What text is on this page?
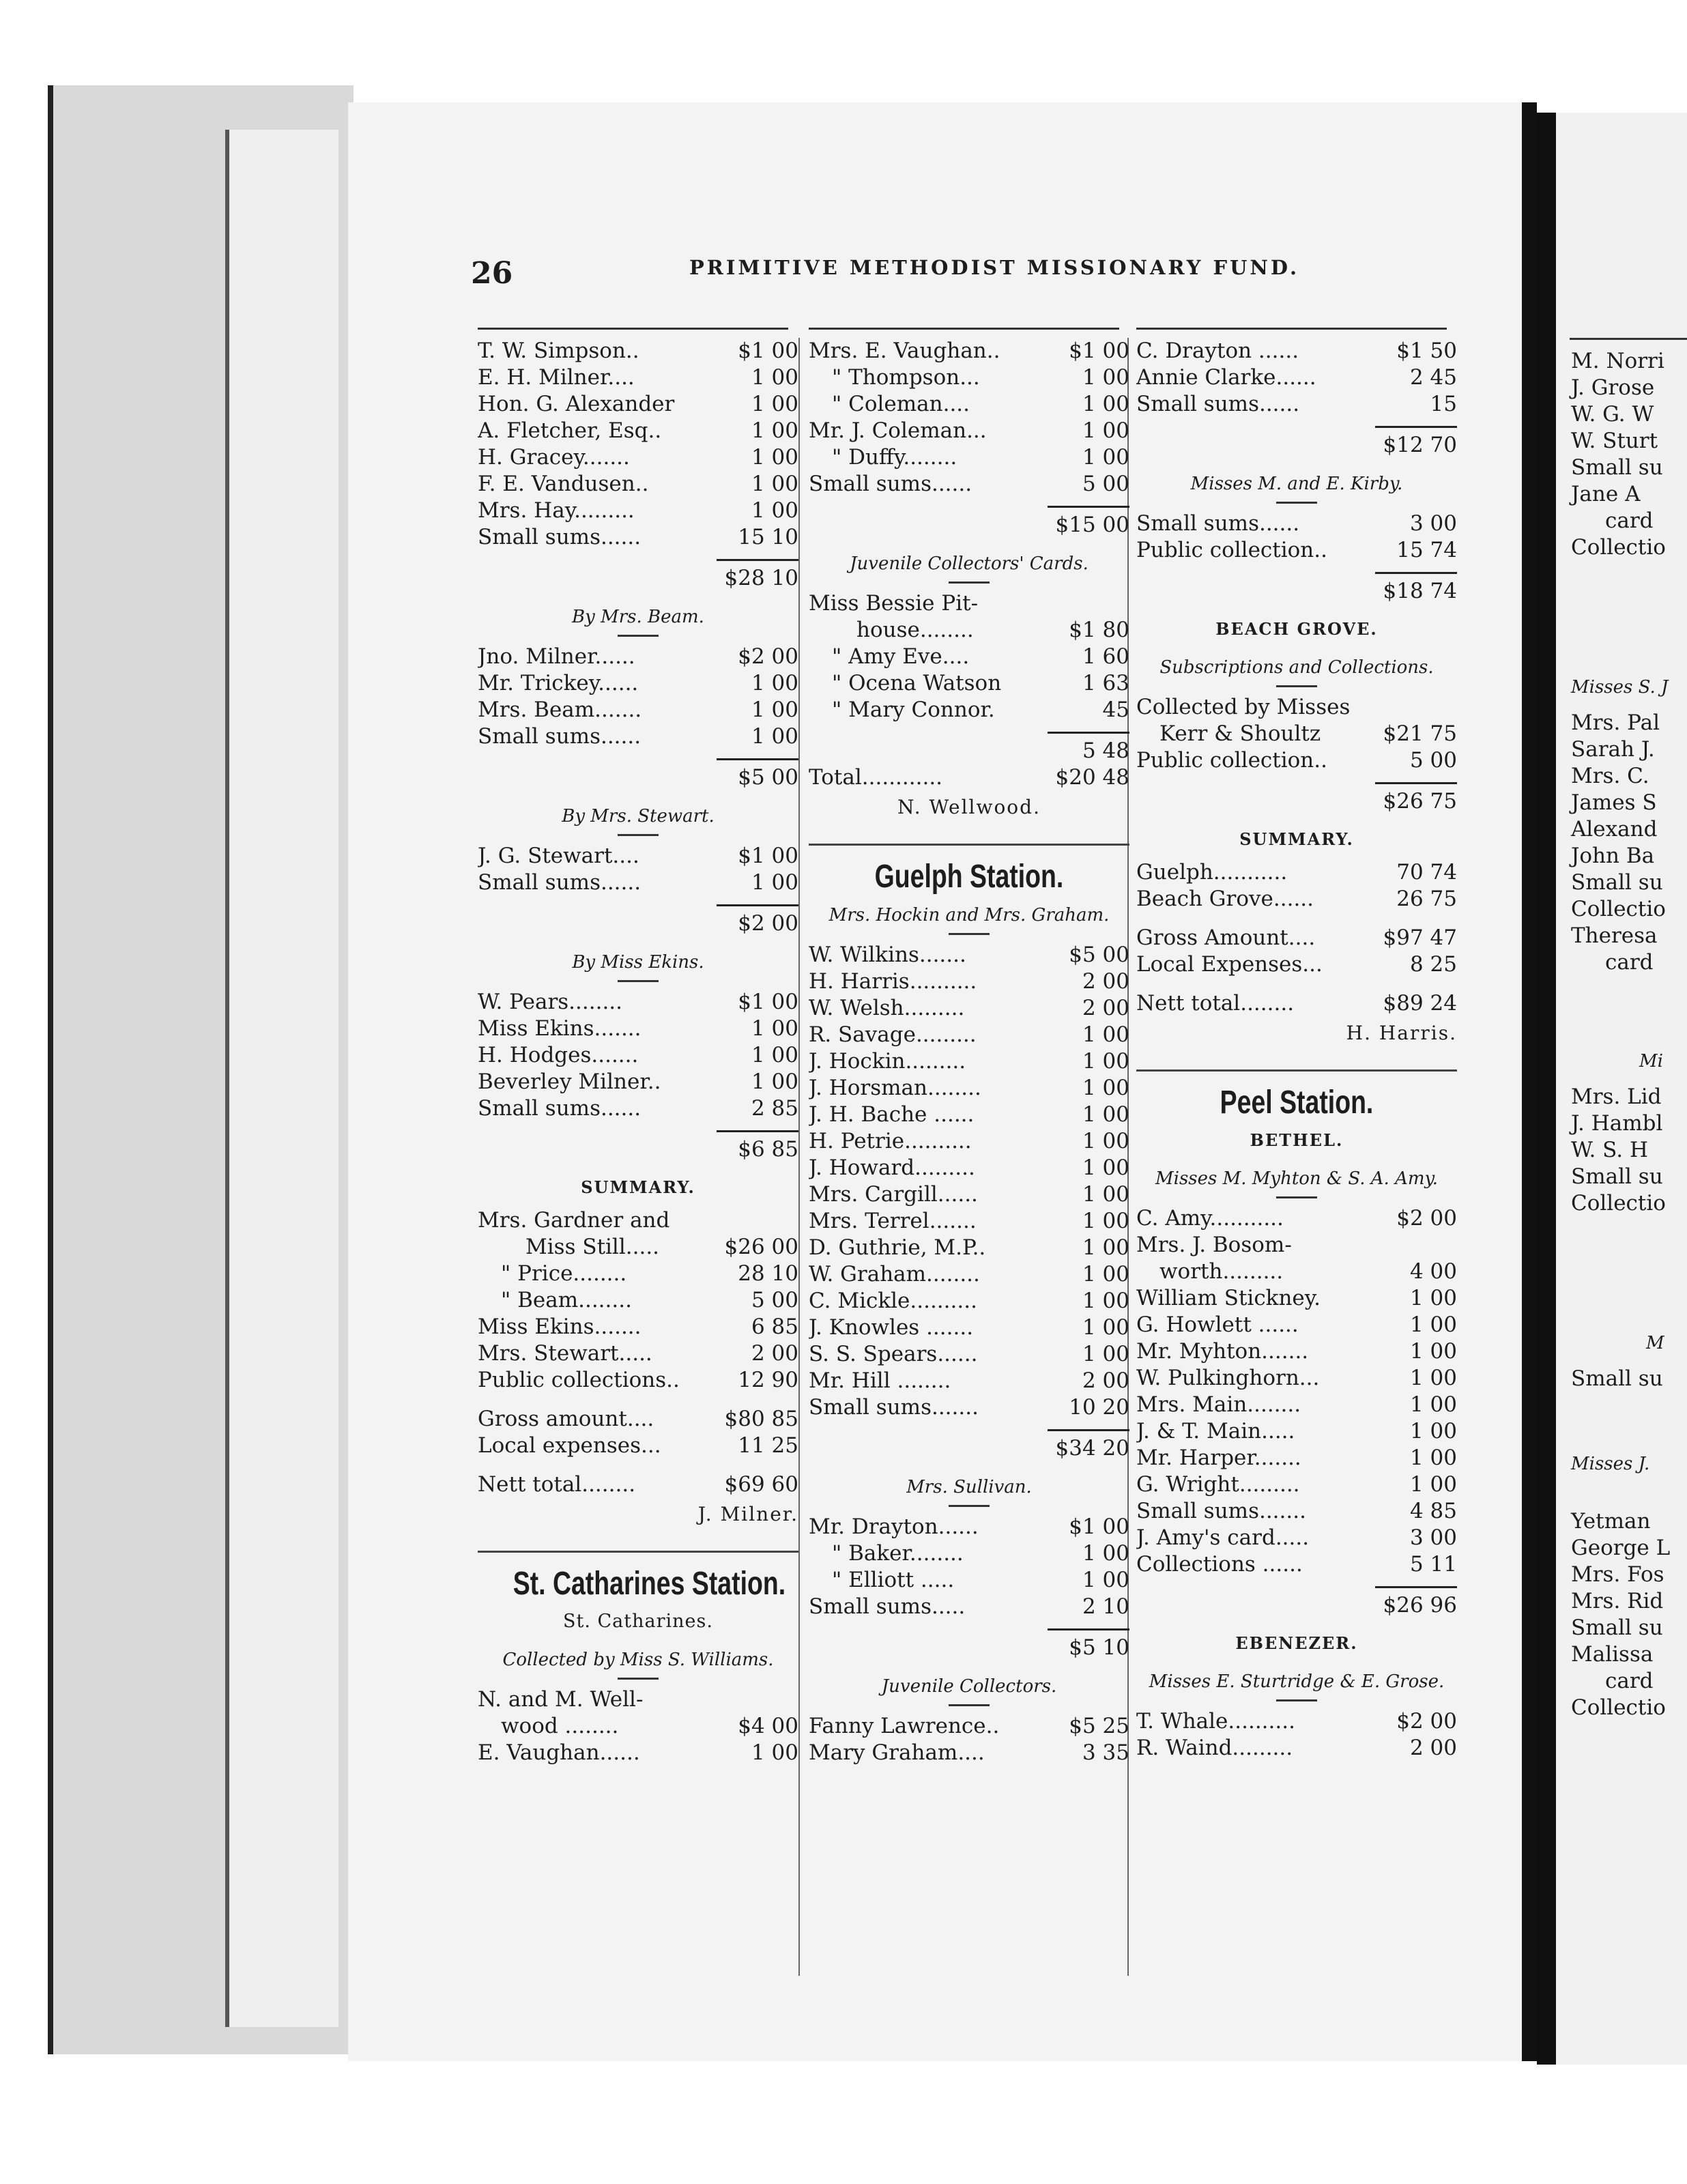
26	PRIMITIVE METHODIST MISSIONARY FUND.
T. W. Simpson..	$1 00
E. H. Milner....	1 00
Hon. G. Alexander	1 00
A. Fletcher, Esq..	1 00
H. Gracey.......	1 00
F. E. Vandusen..	1 00
Mrs. Hay.........	1 00
Small sums......	15 10
$28 10
By Mrs. Beam.
Jno. Milner......	$2 00
Mr. Trickey......	1 00
Mrs. Beam.......	1 00
Small sums......	1 00
$5 00
By Mrs. Stewart.
J. G. Stewart....	$1 00
Small sums......	1 00
$2 00
By Miss Ekins.
W. Pears........	$1 00
Miss Ekins.......	1 00
H. Hodges.......	1 00
Beverley Milner..	1 00
Small sums......	2 85
$6 85
SUMMARY.
Mrs. Gardner and
Miss Still.....	$26 00
" Price........	28 10
" Beam........	5 00
Miss Ekins.......	6 85
Mrs. Stewart.....	2 00
Public collections..	12 90
Gross amount....	$80 85
Local expenses...	11 25
Nett total........	$69 60
J. Milner.
St. Catharines Station.
St. Catharines.
Collected by Miss S. Williams.
N. and M. Well-
wood ........	$4 00
E. Vaughan......	1 00
Mrs. E. Vaughan..	$1 00
" Thompson...	1 00
" Coleman....	1 00
Mr. J. Coleman...	1 00
" Duffy........	1 00
Small sums......	5 00
$15 00
Juvenile Collectors' Cards.
Miss Bessie Pit-
house........	$1 80
" Amy Eve....	1 60
" Ocena Watson	1 63
" Mary Connor.	45
5 48
Total............	$20 48
N. Wellwood.
Guelph Station.
Mrs. Hockin and Mrs. Graham.
W. Wilkins.......	$5 00
H. Harris..........	2 00
W. Welsh.........	2 00
R. Savage.........	1 00
J. Hockin.........	1 00
J. Horsman........	1 00
J. H. Bache ......	1 00
H. Petrie..........	1 00
J. Howard.........	1 00
Mrs. Cargill......	1 00
Mrs. Terrel.......	1 00
D. Guthrie, M.P..	1 00
W. Graham........	1 00
C. Mickle..........	1 00
J. Knowles .......	1 00
S. S. Spears......	1 00
Mr. Hill ........	2 00
Small sums.......	10 20
$34 20
Mrs. Sullivan.
Mr. Drayton......	$1 00
" Baker........	1 00
" Elliott .....	1 00
Small sums.....	2 10
$5 10
Juvenile Collectors.
Fanny Lawrence..	$5 25
Mary Graham....	3 35
C. Drayton ......	$1 50
Annie Clarke......	2 45
Small sums......	15
$12 70
Misses M. and E. Kirby.
Small sums......	3 00
Public collection..	15 74
$18 74
BEACH GROVE.
Subscriptions and Collections.
Collected by Misses
Kerr & Shoultz	$21 75
Public collection..	5 00
$26 75
SUMMARY.
Guelph...........	70 74
Beach Grove......	26 75
Gross Amount....	$97 47
Local Expenses...	8 25
Nett total........	$89 24
H. Harris.
Peel Station.
BETHEL.
Misses M. Myhton & S. A. Amy.
C. Amy...........	$2 00
Mrs. J. Bosom-
worth.........	4 00
William Stickney.	1 00
G. Howlett ......	1 00
Mr. Myhton.......	1 00
W. Pulkinghorn...	1 00
Mrs. Main........	1 00
J. & T. Main.....	1 00
Mr. Harper.......	1 00
G. Wright.........	1 00
Small sums.......	4 85
J. Amy's card.....	3 00
Collections ......	5 11
$26 96
EBENEZER.
Misses E. Sturtridge & E. Grose.
T. Whale..........	$2 00
R. Waind.........	2 00
M. Norri
J. Grose
W. G. W
W. Sturt
Small su
Jane A
card
Collectio
Misses S. J
Mrs. Pal
Sarah J.
Mrs. C.
James S
Alexand
John Ba
Small su
Collectio
Theresa
card
Mi
Mrs. Lid
J. Hambl
W. S. H
Small su
Collectio
M
Small su
Misses J.
Yetman
George L
Mrs. Fos
Mrs. Rid
Small su
Malissa
card
Collectio
